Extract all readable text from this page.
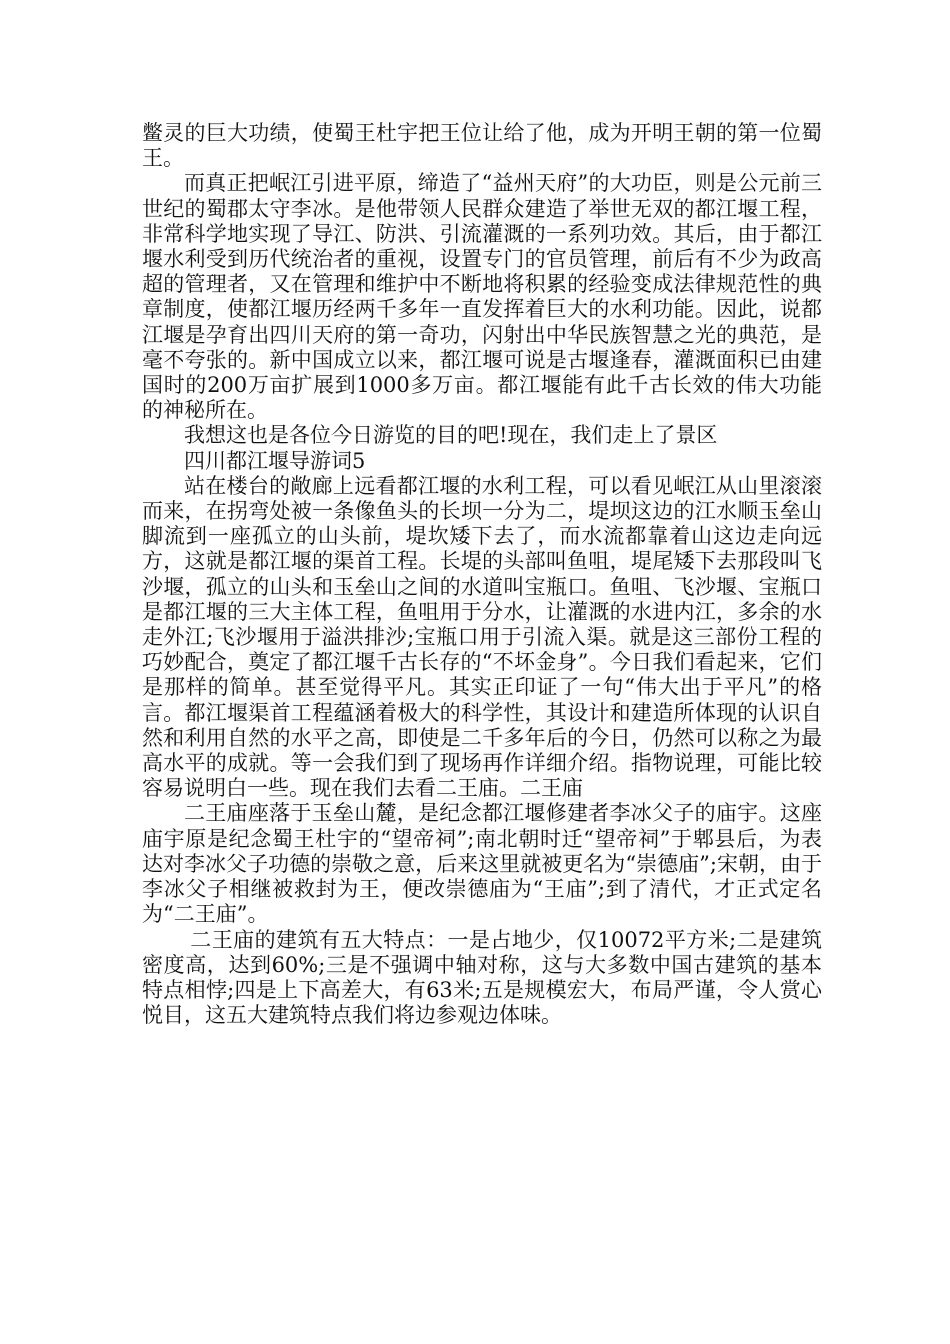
鳖灵的巨大功绩，使蜀王杜宇把王位让给了他，成为开明王朝的第一位蜀王。

而真正把岷江引进平原，缔造了“益州天府”的大功臣，则是公元前三世纪的蜀郡太守李冰。是他带领人民群众建造了举世无双的都江堰工程，非常科学地实现了导江、防洪、引流灌溉的一系列功效。其后，由于都江堰水利受到历代统治者的重视，设置专门的官员管理，前后有不少为政高超的管理者，又在管理和维护中不断地将积累的经验变成法律规范性的典章制度，使都江堰历经两千多年一直发挥着巨大的水利功能。因此，说都江堰是孕育出四川天府的第一奇功，闪射出中华民族智慧之光的典范，是毫不夸张的。新中国成立以来，都江堰可说是古堰逢春，灌溉面积已由建国时的200万亩扩展到1000多万亩。都江堰能有此千古长效的伟大功能的神秘所在。

我想这也是各位今日游览的目的吧!现在，我们走上了景区

四川都江堰导游词5

站在楼台的敞廊上远看都江堰的水利工程，可以看见岷江从山里滚滚而来，在拐弯处被一条像鱼头的长坝一分为二，堤坝这边的江水顺玉垒山脚流到一座孤立的山头前，堤坎矮下去了，而水流都靠着山这边走向远方，这就是都江堰的渠首工程。长堤的头部叫鱼咀，堤尾矮下去那段叫飞沙堰，孤立的山头和玉垒山之间的水道叫宝瓶口。鱼咀、飞沙堰、宝瓶口是都江堰的三大主体工程，鱼咀用于分水，让灌溉的水进内江，多余的水走外江;飞沙堰用于溢洪排沙;宝瓶口用于引流入渠。就是这三部份工程的巧妙配合，奠定了都江堰千古长存的“不坏金身”。今日我们看起来，它们是那样的简单。甚至觉得平凡。其实正印证了一句“伟大出于平凡”的格言。都江堰渠首工程蕴涵着极大的科学性，其设计和建造所体现的认识自然和利用自然的水平之高，即使是二千多年后的今日，仍然可以称之为最高水平的成就。等一会我们到了现场再作详细介绍。指物说理，可能比较容易说明白一些。现在我们去看二王庙。二王庙

二王庙座落于玉垒山麓，是纪念都江堰修建者李冰父子的庙宇。这座庙宇原是纪念蜀王杜宇的“望帝祠”;南北朝时迁“望帝祠”于郫县后，为表达对李冰父子功德的崇敬之意，后来这里就被更名为“崇德庙”;宋朝，由于李冰父子相继被救封为王，便改崇德庙为“王庙”;到了清代，才正式定名为“二王庙”。

二王庙的建筑有五大特点：一是占地少，仅10072平方米;二是建筑密度高，达到60%;三是不强调中轴对称，这与大多数中国古建筑的基本特点相悖;四是上下高差大，有63米;五是规模宏大，布局严谨，令人赏心悦目，这五大建筑特点我们将边参观边体味。
